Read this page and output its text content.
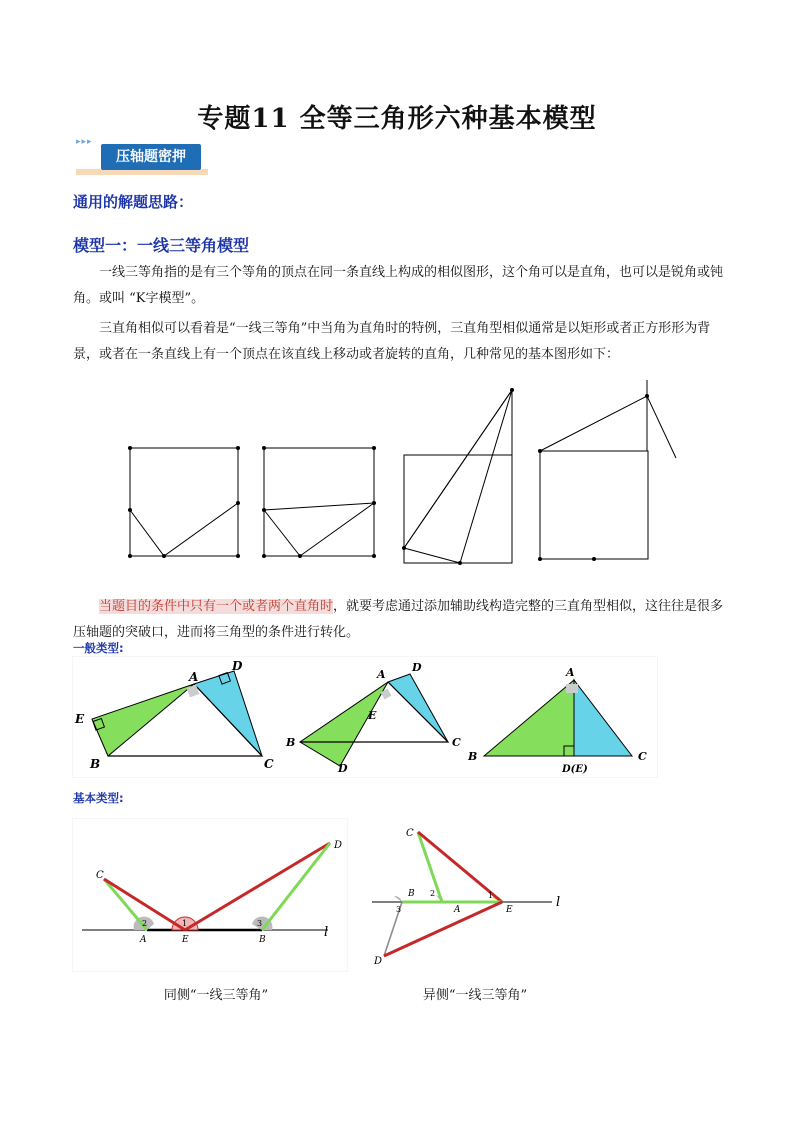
专题11 全等三角形六种基本模型
▸▸▸
压轴题密押
通用的解题思路：
模型一：一线三等角模型
一线三等角指的是有三个等角的顶点在同一条直线上构成的相似图形，这个角可以是直角，也可以是锐角或钝角。或叫 “K字模型”。
三直角相似可以看着是“一线三等角”中当角为直角时的特例，三直角型相似通常是以矩形或者正方形形为背景，或者在一条直线上有一个顶点在该直线上移动或者旋转的直角，几种常见的基本图形如下：
当题目的条件中只有一个或者两个直角时，就要考虑通过添加辅助线构造完整的三直角型相似，这往往是很多压轴题的突破口，进而将三角型的条件进行转化。
一般类型:
A
D
E
B	C
A
D
E
B	C
D
A
B	C
D(E)
基本类型:
C
D
A	E	B	l
1
2	3
C
D
A	E
B
l
1
2
3
同侧“一线三等角”	异侧“一线三等角”
